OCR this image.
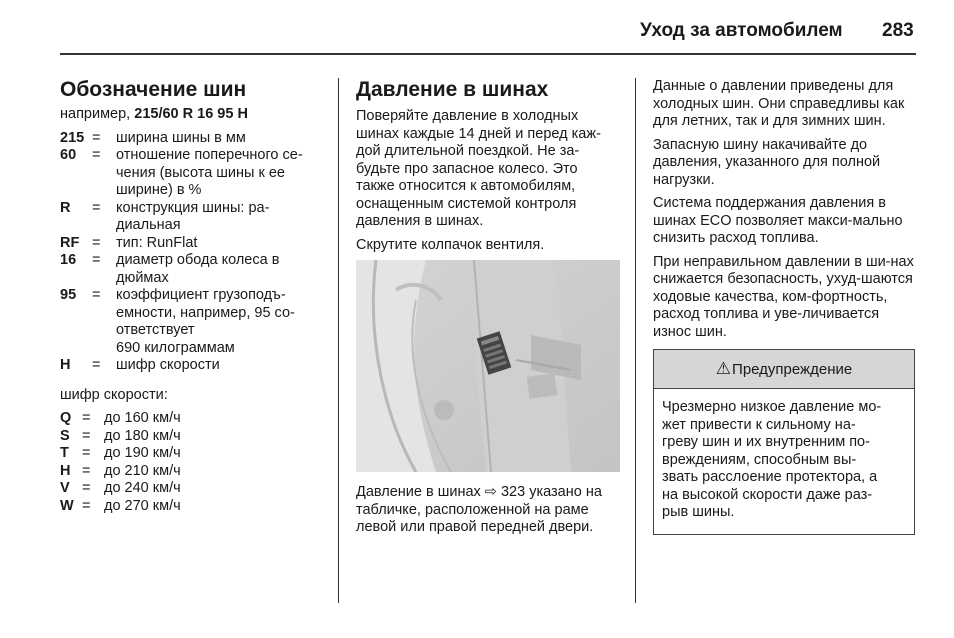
Уход за автомобилем 283
Обозначение шин
например, 215/60 R 16 95 H
215 =	ширина шины в мм
60	=	отношение поперечного се-
чения (высота шины к ее
ширине) в %
R	=	конструкция шины: ра-
диальная
RF =	тип: RunFlat
16	=	диаметр обода колеса в
дюймах
95	=	коэффициент грузоподъ-
емности, например, 95 со-
ответствует
690 килограммам
H	=	шифр скорости
шифр скорости:
Q = до 160 км/ч
S = до 180 км/ч
T = до 190 км/ч
H = до 210 км/ч
V = до 240 км/ч
W = до 270 км/ч
Давление в шинах

Поверяйте давление в холодных шинах каждые 14 дней и перед каж-дой длительной поездкой. Не за-будьте про запасное колесо. Это также относится к автомобилям, оснащенным системой контроля давления в шинах.

Скрутите колпачок вентиля.

Давление в шинах ⇨ 323 указано на табличке, расположенной на раме левой или правой передней двери.

Данные о давлении приведены для холодных шин. Они справедливы как для летних, так и для зимних шин.

Запасную шину накачивайте до давления, указанного для полной нагрузки.

Система поддержания давления в шинах ECO позволяет макси-мально снизить расход топлива.

При неправильном давлении в ши-нах снижается безопасность, ухуд-шаются ходовые качества, ком-фортность, расход топлива и уве-личивается износ шин.

⚠ Предупреждение
Чрезмерно низкое давление мо-
жет привести к сильному на-
греву шин и их внутренним по-
вреждениям, способным вы-
звать расслоение протектора, а
на высокой скорости даже раз-
рыв шины.
